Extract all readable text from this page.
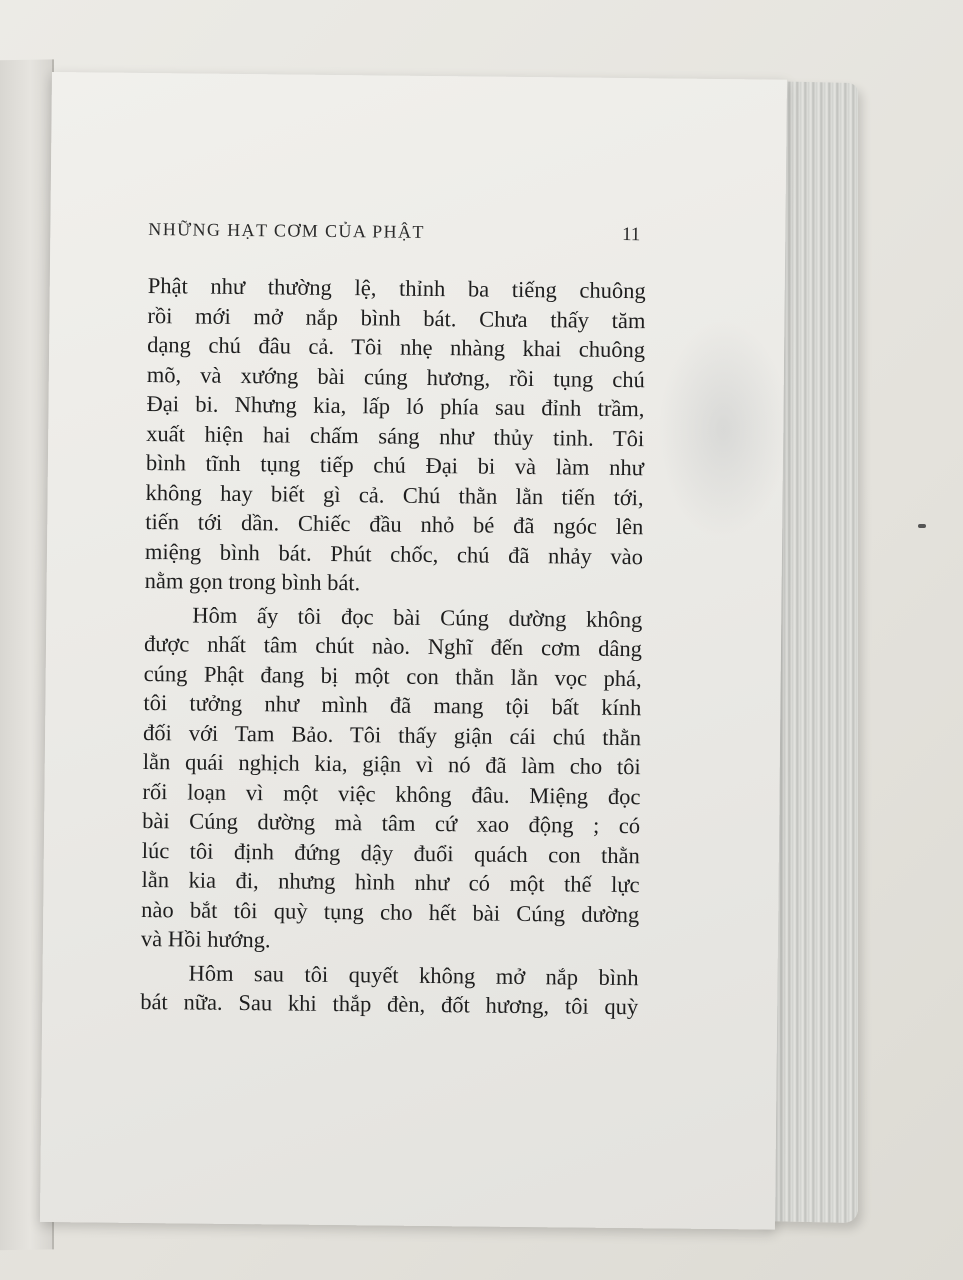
NHỮNG HẠT CƠM CỦA PHẬT	11
Phật như thường lệ, thỉnh ba tiếng chuông
rồi mới mở nắp bình bát. Chưa thấy tăm
dạng chú đâu cả. Tôi nhẹ nhàng khai chuông
mõ, và xướng bài cúng hương, rồi tụng chú
Đại bi. Nhưng kia, lấp ló phía sau đỉnh trầm,
xuất hiện hai chấm sáng như thủy tinh. Tôi
bình tĩnh tụng tiếp chú Đại bi và làm như
không hay biết gì cả. Chú thằn lằn tiến tới,
tiến tới dần. Chiếc đầu nhỏ bé đã ngóc lên
miệng bình bát. Phút chốc, chú đã nhảy vào
nằm gọn trong bình bát.
Hôm ấy tôi đọc bài Cúng dường không
được nhất tâm chút nào. Nghĩ đến cơm dâng
cúng Phật đang bị một con thằn lằn vọc phá,
tôi tưởng như mình đã mang tội bất kính
đối với Tam Bảo. Tôi thấy giận cái chú thằn
lằn quái nghịch kia, giận vì nó đã làm cho tôi
rối loạn vì một việc không đâu. Miệng đọc
bài Cúng dường mà tâm cứ xao động ; có
lúc tôi định đứng dậy đuổi quách con thằn
lằn kia đi, nhưng hình như có một thế lực
nào bắt tôi quỳ tụng cho hết bài Cúng dường
và Hồi hướng.
Hôm sau tôi quyết không mở nắp bình
bát nữa. Sau khi thắp đèn, đốt hương, tôi quỳ
